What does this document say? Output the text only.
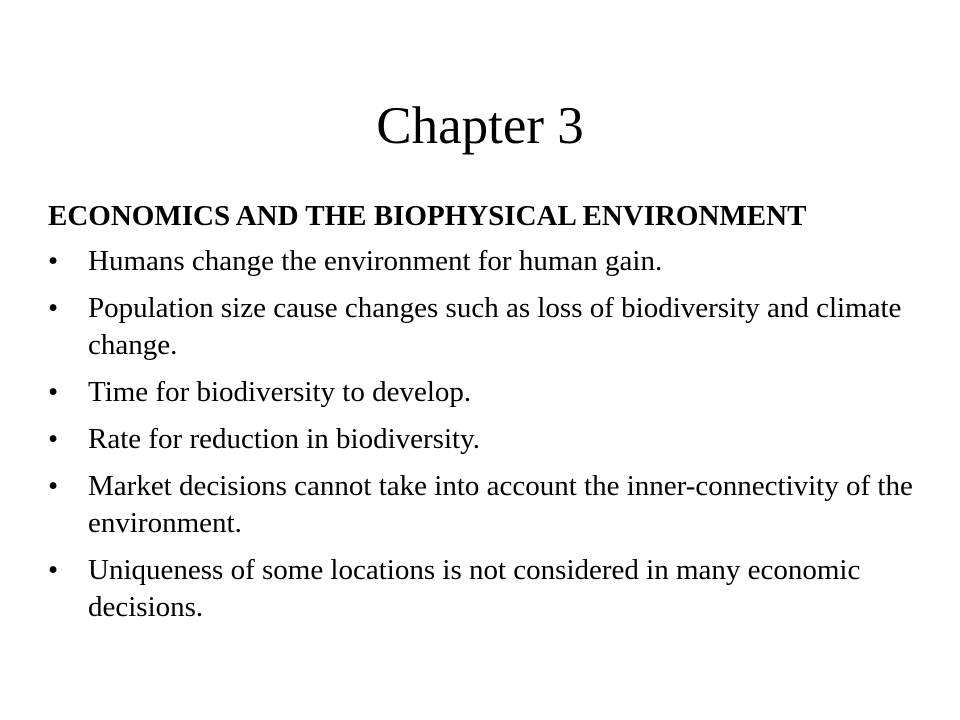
Chapter 3

ECONOMICS AND THE BIOPHYSICAL ENVIRONMENT

•	Humans change the environment for human gain.
•	Population size cause changes such as loss of biodiversity and climate change.
•	Time for biodiversity to develop.
•	Rate for reduction in biodiversity.
•	Market decisions cannot take into account the inner-connectivity of the environment.
•	Uniqueness of some locations is not considered in many economic decisions.
